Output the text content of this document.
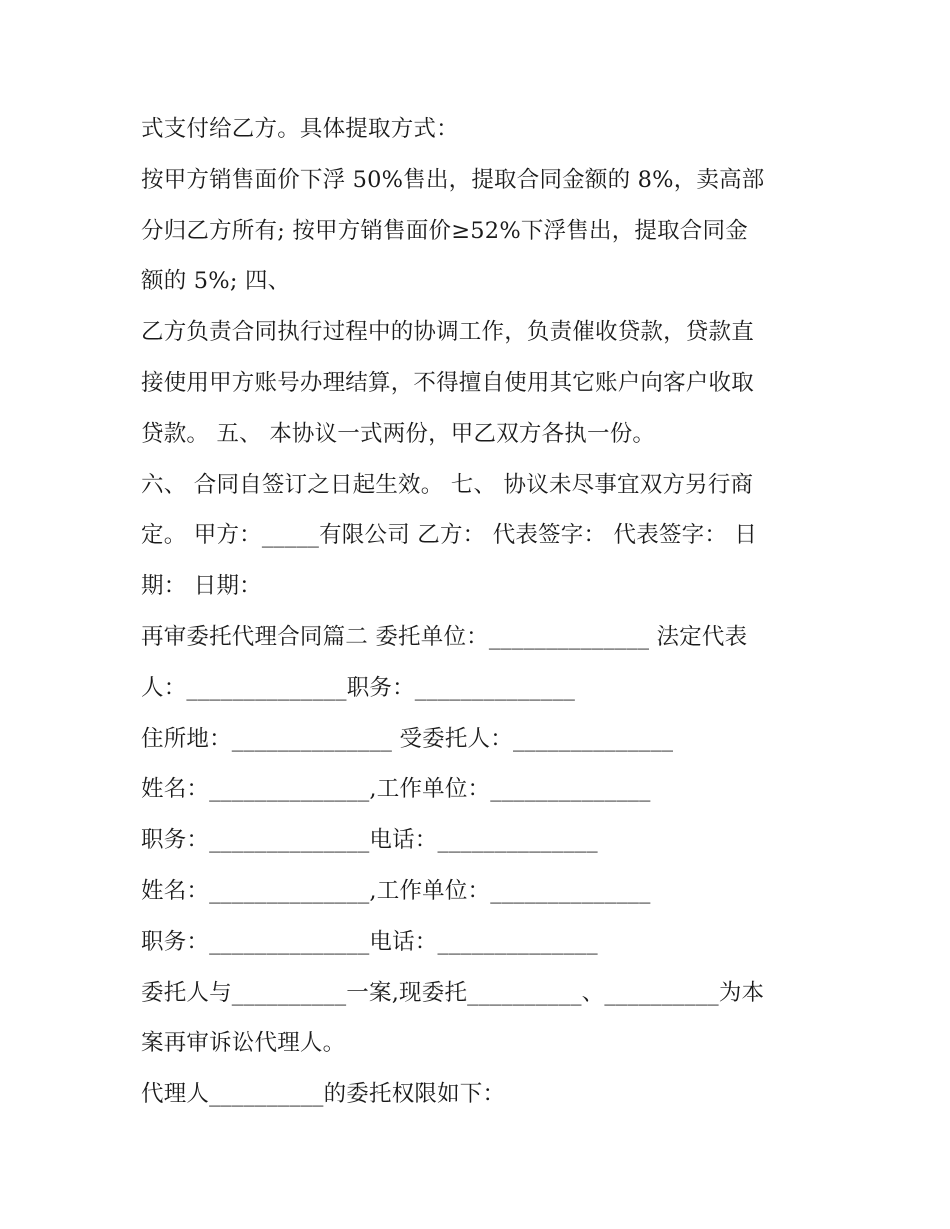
式支付给乙方。具体提取方式：
按甲方销售面价下浮 50%售出，提取合同金额的 8%，卖高部
分归乙方所有; 按甲方销售面价≥52%下浮售出，提取合同金
额的 5%; 四、
乙方负责合同执行过程中的协调工作，负责催收贷款，贷款直
接使用甲方账号办理结算，不得擅自使用其它账户向客户收取
贷款。 五、 本协议一式两份，甲乙双方各执一份。
六、 合同自签订之日起生效。 七、 协议未尽事宜双方另行商
定。 甲方：_____有限公司 乙方： 代表签字： 代表签字： 日
期： 日期：
再审委托代理合同篇二 委托单位：______________ 法定代表
人：______________职务：______________
住所地：______________ 受委托人：______________
姓名：______________,工作单位：______________
职务：______________电话：______________
姓名：______________,工作单位：______________
职务：______________电话：______________
委托人与__________一案,现委托__________、__________为本
案再审诉讼代理人。
代理人__________的委托权限如下：
